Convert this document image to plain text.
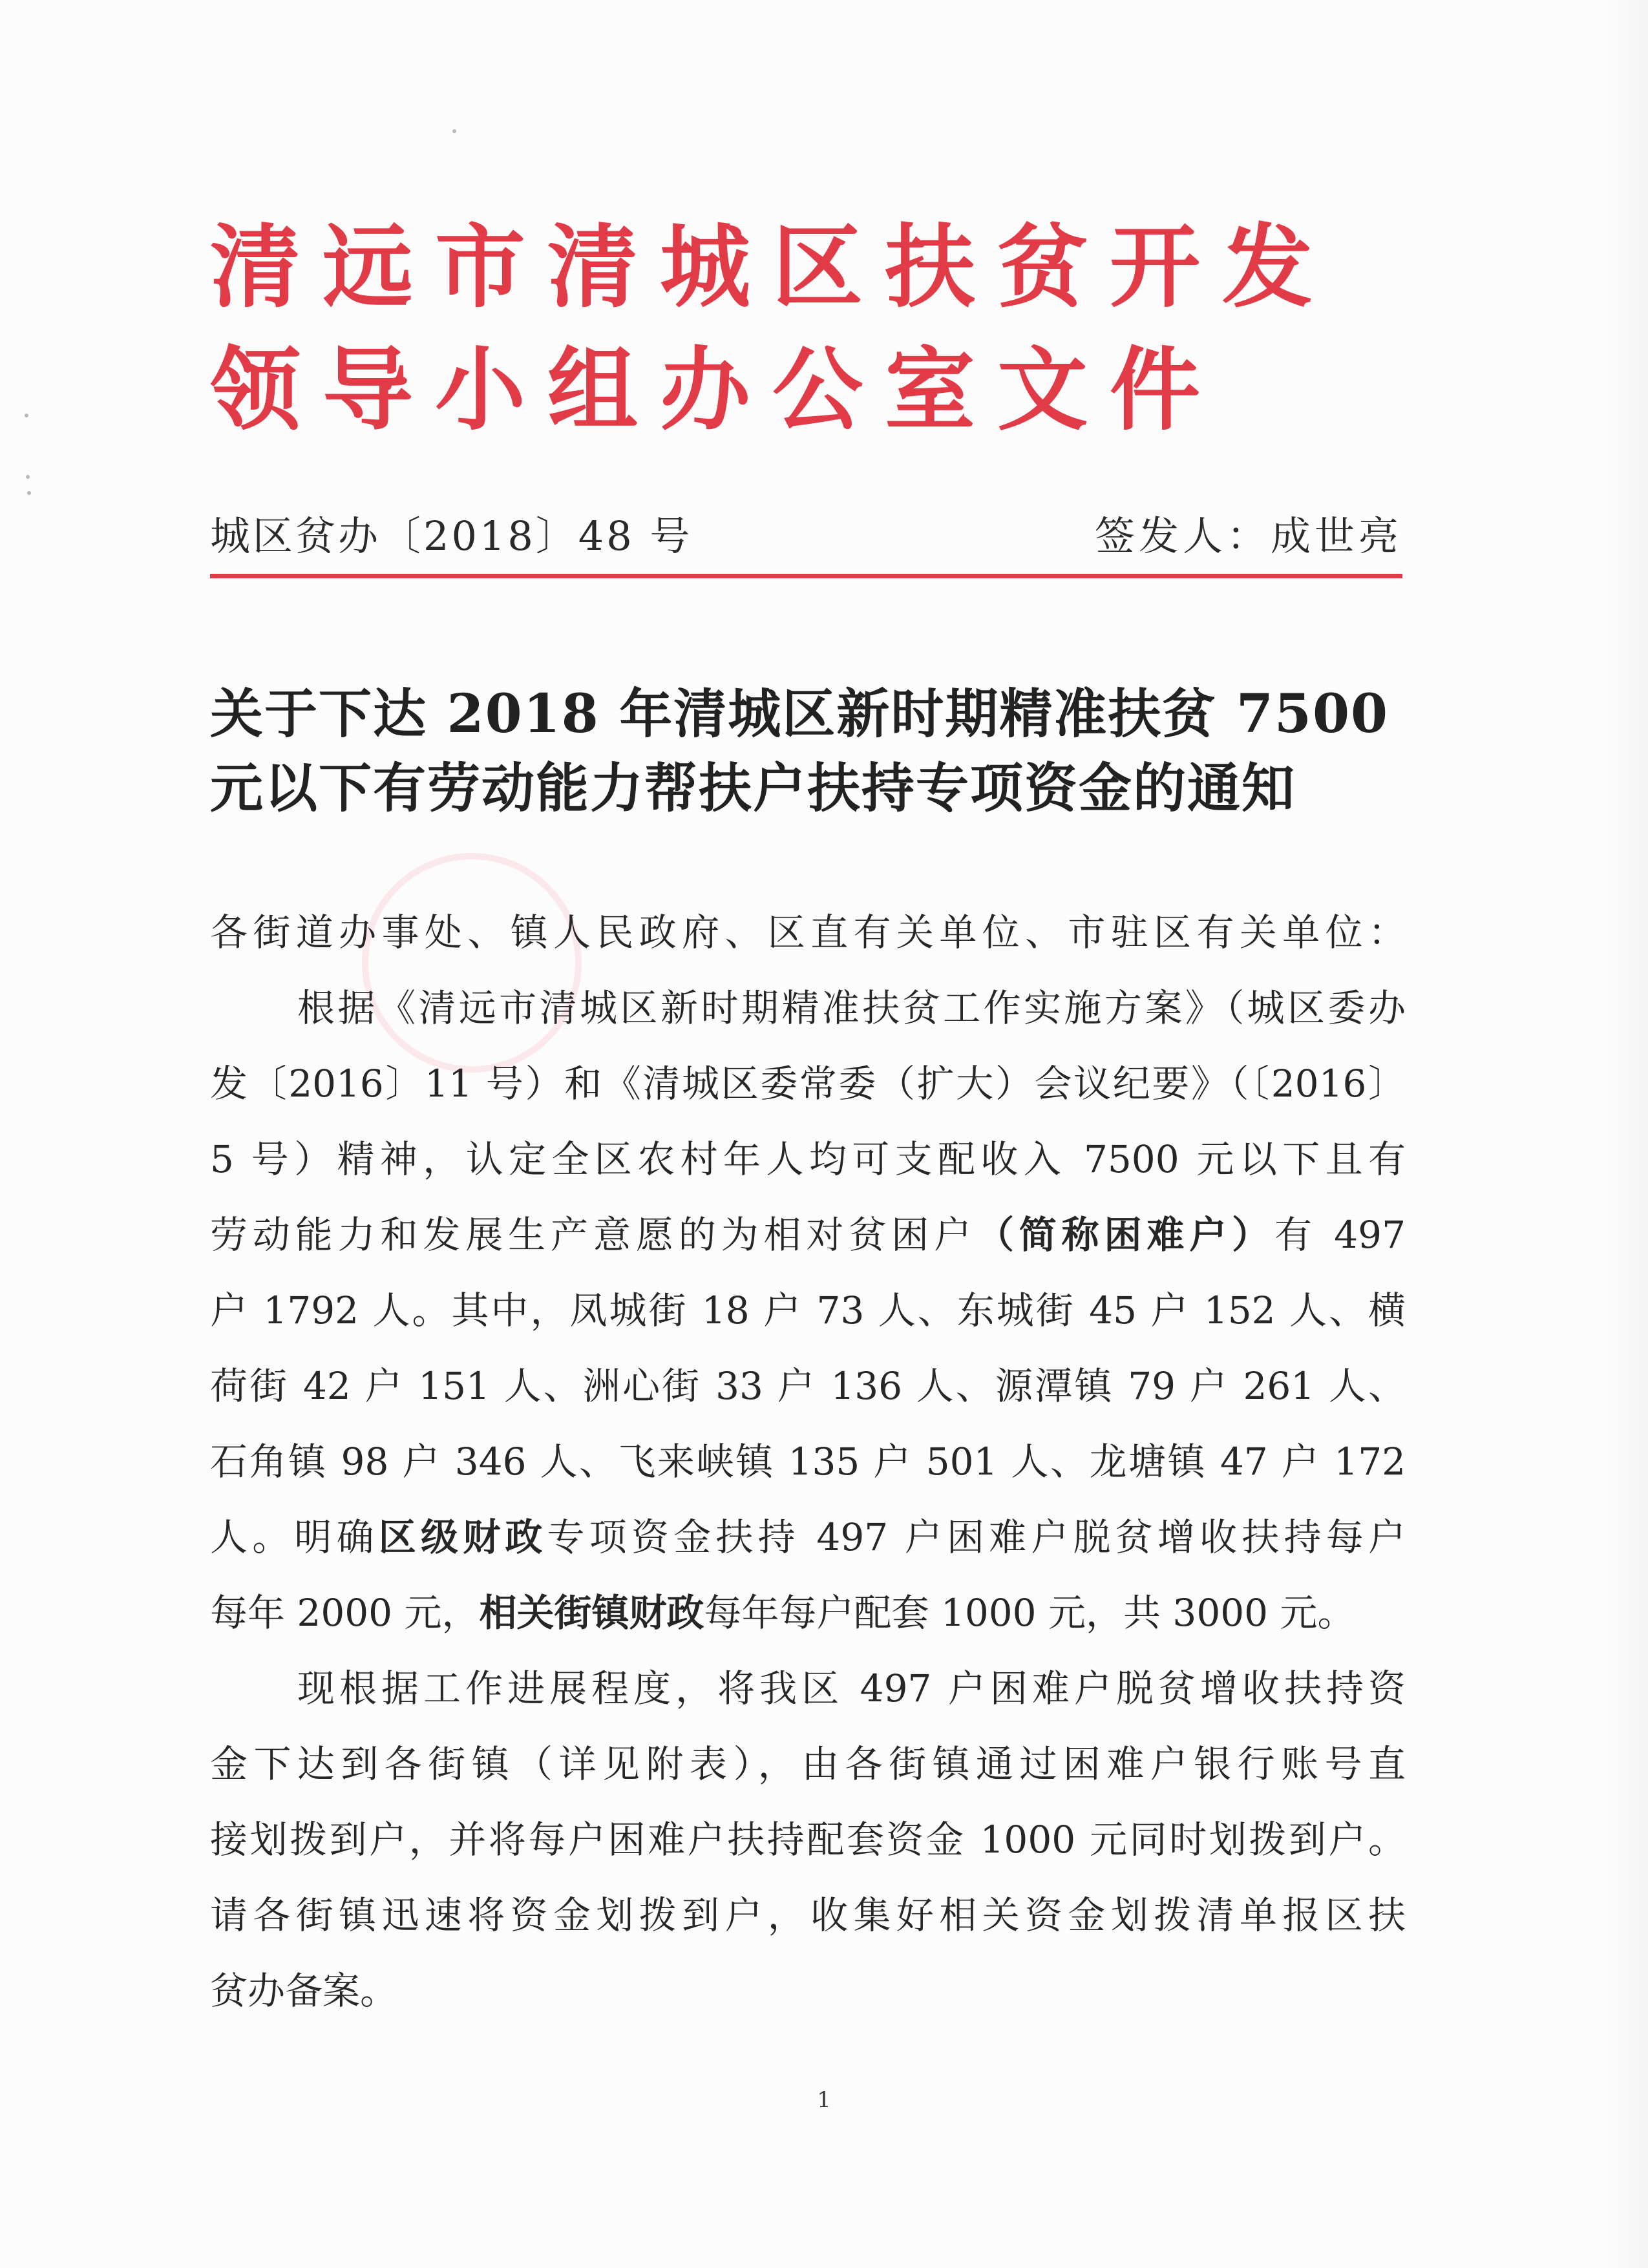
清远市清城区扶贫开发
领导小组办公室文件
城区贫办〔2018〕48 号	签发人：成世亮
关于下达 2018 年清城区新时期精准扶贫 7500
元以下有劳动能力帮扶户扶持专项资金的通知
各街道办事处、镇人民政府、区直有关单位、市驻区有关单位：
根据《清远市清城区新时期精准扶贫工作实施方案》（城区委办
发〔2016〕11 号）和《清城区委常委（扩大）会议纪要》（〔2016〕
5 号）精神，认定全区农村年人均可支配收入 7500 元以下且有
劳动能力和发展生产意愿的为相对贫困户（简称困难户）有 497
户 1792 人。其中，凤城街 18 户 73 人、东城街 45 户 152 人、横
荷街 42 户 151 人、洲心街 33 户 136 人、源潭镇 79 户 261 人、
石角镇 98 户 346 人、飞来峡镇 135 户 501 人、龙塘镇 47 户 172
人。明确区级财政专项资金扶持 497 户困难户脱贫增收扶持每户
每年 2000 元，相关街镇财政每年每户配套 1000 元，共 3000 元。
现根据工作进展程度，将我区 497 户困难户脱贫增收扶持资
金下达到各街镇（详见附表），由各街镇通过困难户银行账号直
接划拨到户，并将每户困难户扶持配套资金 1000 元同时划拨到户。
请各街镇迅速将资金划拨到户，收集好相关资金划拨清单报区扶
贫办备案。
1
